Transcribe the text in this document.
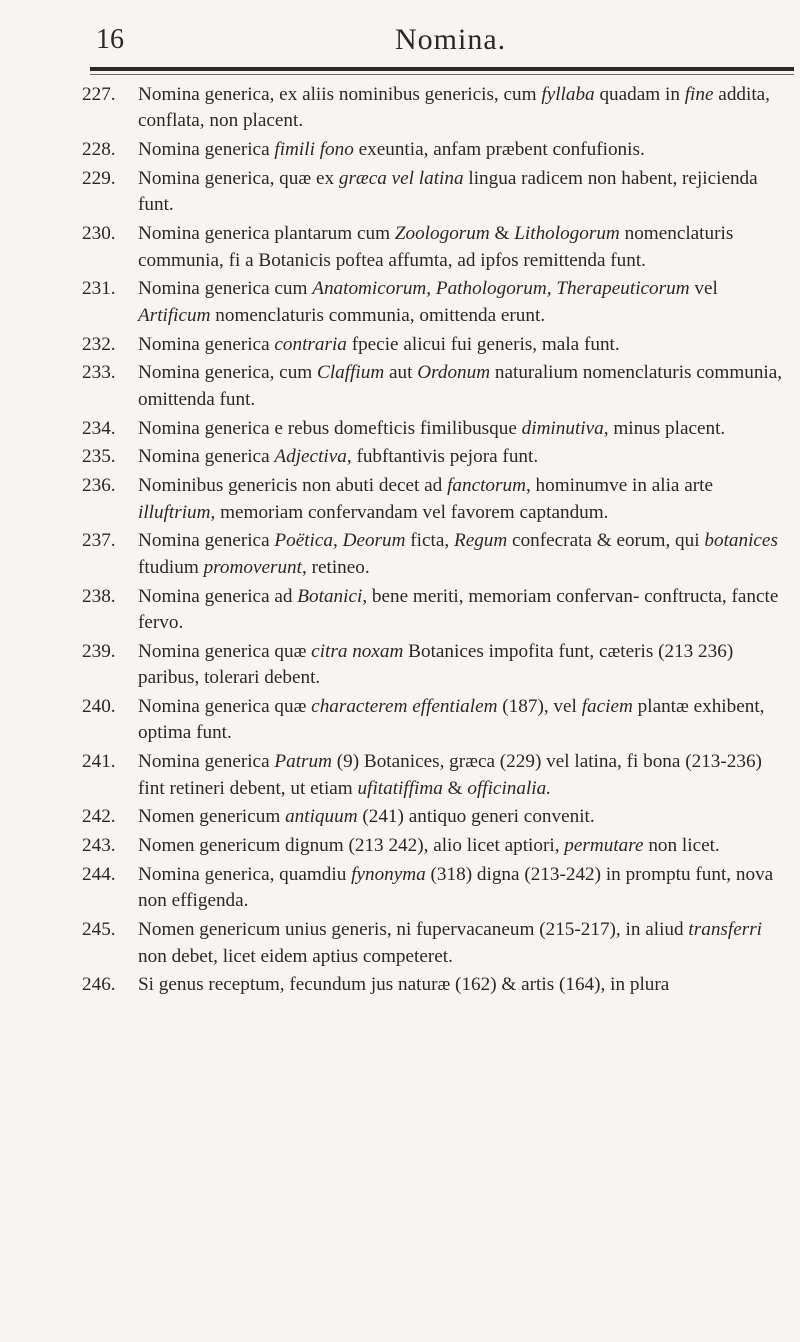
16	Nomina.

227. Nomina generica, ex aliis nominibus genericis, cum fyllaba quadam in fine addita, conflata, non placent.

228. Nomina generica fimili fono exeuntia, anfam præbent confufionis.

229. Nomina generica, quæ ex græca vel latina lingua radicem non habent, rejicienda funt.

230. Nomina generica plantarum cum Zoologorum & Lithologorum nomenclaturis communia, fi a Botanicis poftea affumta, ad ipfos remittenda funt.

231. Nomina generica cum Anatomicorum, Pathologorum, Therapeuticorum vel Artificum nomenclaturis communia, omittenda erunt.

232. Nomina generica contraria fpecie alicui fui generis, mala funt.

233. Nomina generica, cum Claffium aut Ordonum naturalium nomenclaturis communia, omittenda funt.

234. Nomina generica e rebus domefticis fimilibusque diminutiva, minus placent.

235. Nomina generica Adjectiva, fubftantivis pejora funt.

236. Nominibus genericis non abuti decet ad fanctorum, hominumve in alia arte illuftrium, memoriam confervandam vel favorem captandum.

237. Nomina generica Poëtica, Deorum ficta, Regum confecrata & eorum, qui botanices ftudium promoverunt, retineo.

238. Nomina generica ad Botanici, bene meriti, memoriam confervan- conftructa, fancte fervo.

239. Nomina generica quæ citra noxam Botanices impofita funt, cæteris (213 236) paribus, tolerari debent.

240. Nomina generica quæ characterem effentialem (187), vel faciem plantæ exhibent, optima funt.

241. Nomina generica Patrum (9) Botanices, græca (229) vel latina, fi bona (213-236) fint retineri debent, ut etiam ufitatiffima & officinalia.

242. Nomen genericum antiquum (241) antiquo generi convenit.

243. Nomen genericum dignum (213 242), alio licet aptiori, permutare non licet.

244. Nomina generica, quamdiu fynonyma (318) digna (213-242) in promptu funt, nova non effigenda.

245. Nomen genericum unius generis, ni fupervacaneum (215-217), in aliud transferri non debet, licet eidem aptius competeret.

246. Si genus receptum, fecundum jus naturæ (162) & artis (164), in plura
